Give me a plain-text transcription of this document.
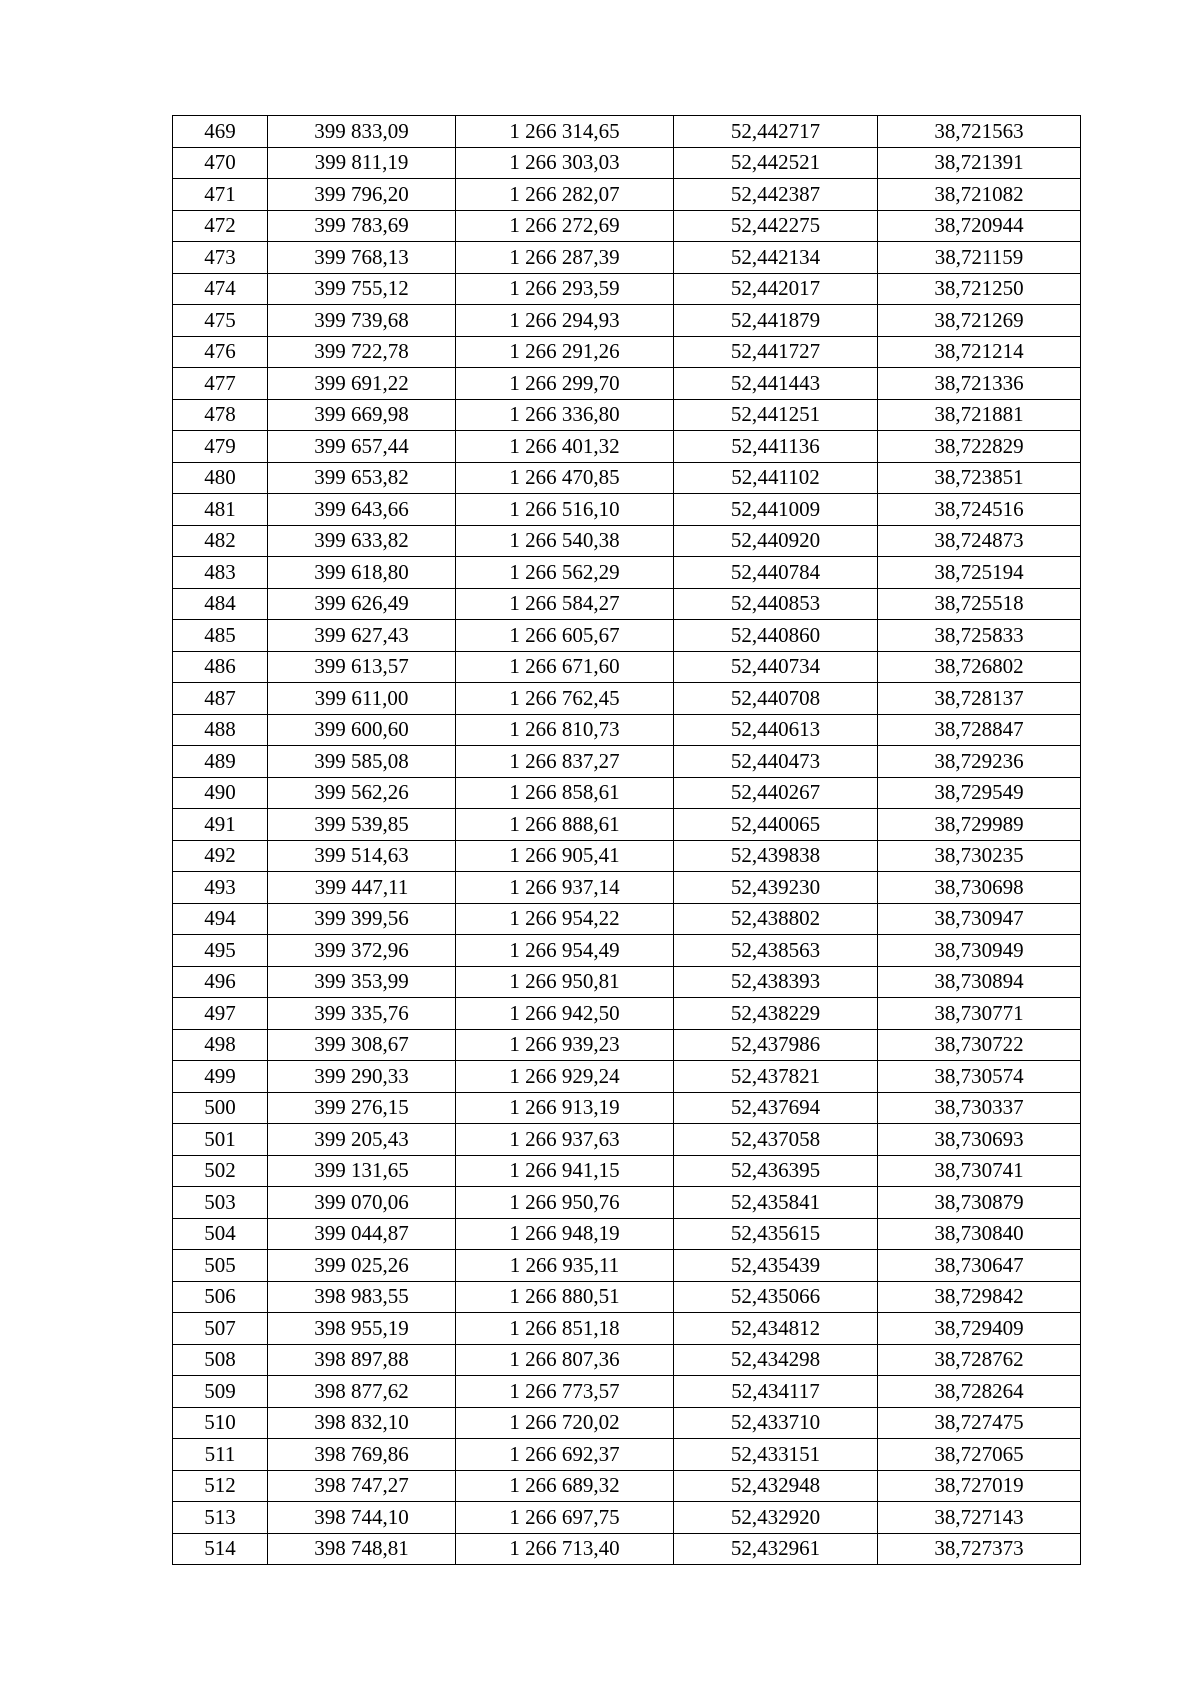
469	399 833,09	1 266 314,65	52,442717	38,721563
470	399 811,19	1 266 303,03	52,442521	38,721391
471	399 796,20	1 266 282,07	52,442387	38,721082
472	399 783,69	1 266 272,69	52,442275	38,720944
473	399 768,13	1 266 287,39	52,442134	38,721159
474	399 755,12	1 266 293,59	52,442017	38,721250
475	399 739,68	1 266 294,93	52,441879	38,721269
476	399 722,78	1 266 291,26	52,441727	38,721214
477	399 691,22	1 266 299,70	52,441443	38,721336
478	399 669,98	1 266 336,80	52,441251	38,721881
479	399 657,44	1 266 401,32	52,441136	38,722829
480	399 653,82	1 266 470,85	52,441102	38,723851
481	399 643,66	1 266 516,10	52,441009	38,724516
482	399 633,82	1 266 540,38	52,440920	38,724873
483	399 618,80	1 266 562,29	52,440784	38,725194
484	399 626,49	1 266 584,27	52,440853	38,725518
485	399 627,43	1 266 605,67	52,440860	38,725833
486	399 613,57	1 266 671,60	52,440734	38,726802
487	399 611,00	1 266 762,45	52,440708	38,728137
488	399 600,60	1 266 810,73	52,440613	38,728847
489	399 585,08	1 266 837,27	52,440473	38,729236
490	399 562,26	1 266 858,61	52,440267	38,729549
491	399 539,85	1 266 888,61	52,440065	38,729989
492	399 514,63	1 266 905,41	52,439838	38,730235
493	399 447,11	1 266 937,14	52,439230	38,730698
494	399 399,56	1 266 954,22	52,438802	38,730947
495	399 372,96	1 266 954,49	52,438563	38,730949
496	399 353,99	1 266 950,81	52,438393	38,730894
497	399 335,76	1 266 942,50	52,438229	38,730771
498	399 308,67	1 266 939,23	52,437986	38,730722
499	399 290,33	1 266 929,24	52,437821	38,730574
500	399 276,15	1 266 913,19	52,437694	38,730337
501	399 205,43	1 266 937,63	52,437058	38,730693
502	399 131,65	1 266 941,15	52,436395	38,730741
503	399 070,06	1 266 950,76	52,435841	38,730879
504	399 044,87	1 266 948,19	52,435615	38,730840
505	399 025,26	1 266 935,11	52,435439	38,730647
506	398 983,55	1 266 880,51	52,435066	38,729842
507	398 955,19	1 266 851,18	52,434812	38,729409
508	398 897,88	1 266 807,36	52,434298	38,728762
509	398 877,62	1 266 773,57	52,434117	38,728264
510	398 832,10	1 266 720,02	52,433710	38,727475
511	398 769,86	1 266 692,37	52,433151	38,727065
512	398 747,27	1 266 689,32	52,432948	38,727019
513	398 744,10	1 266 697,75	52,432920	38,727143
514	398 748,81	1 266 713,40	52,432961	38,727373
